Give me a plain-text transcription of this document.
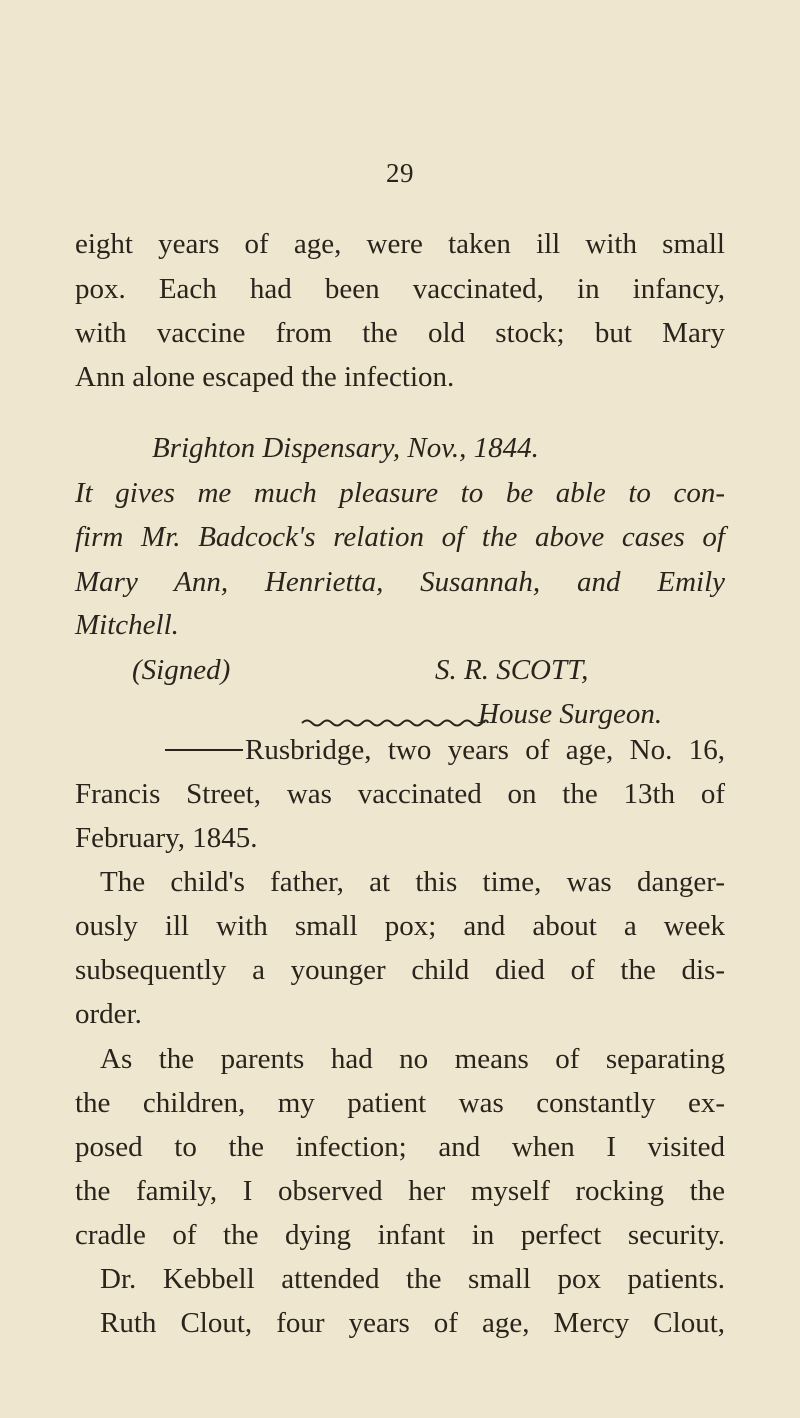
29
eight years of age, were taken ill with small
pox. Each had been vaccinated, in infancy,
with vaccine from the old stock; but Mary
Ann alone escaped the infection.
Brighton Dispensary, Nov., 1844.
It gives me much pleasure to be able to con-
firm Mr. Badcock's relation of the above cases of
Mary Ann, Henrietta, Susannah, and Emily
Mitchell.
(Signed)	S. R. SCOTT,
House Surgeon.
Rusbridge, two years of age, No. 16,
Francis Street, was vaccinated on the 13th of
February, 1845.
The child's father, at this time, was danger-
ously ill with small pox; and about a week
subsequently a younger child died of the dis-
order.
As the parents had no means of separating
the children, my patient was constantly ex-
posed to the infection; and when I visited
the family, I observed her myself rocking the
cradle of the dying infant in perfect security.
Dr. Kebbell attended the small pox patients.
Ruth Clout, four years of age, Mercy Clout,
